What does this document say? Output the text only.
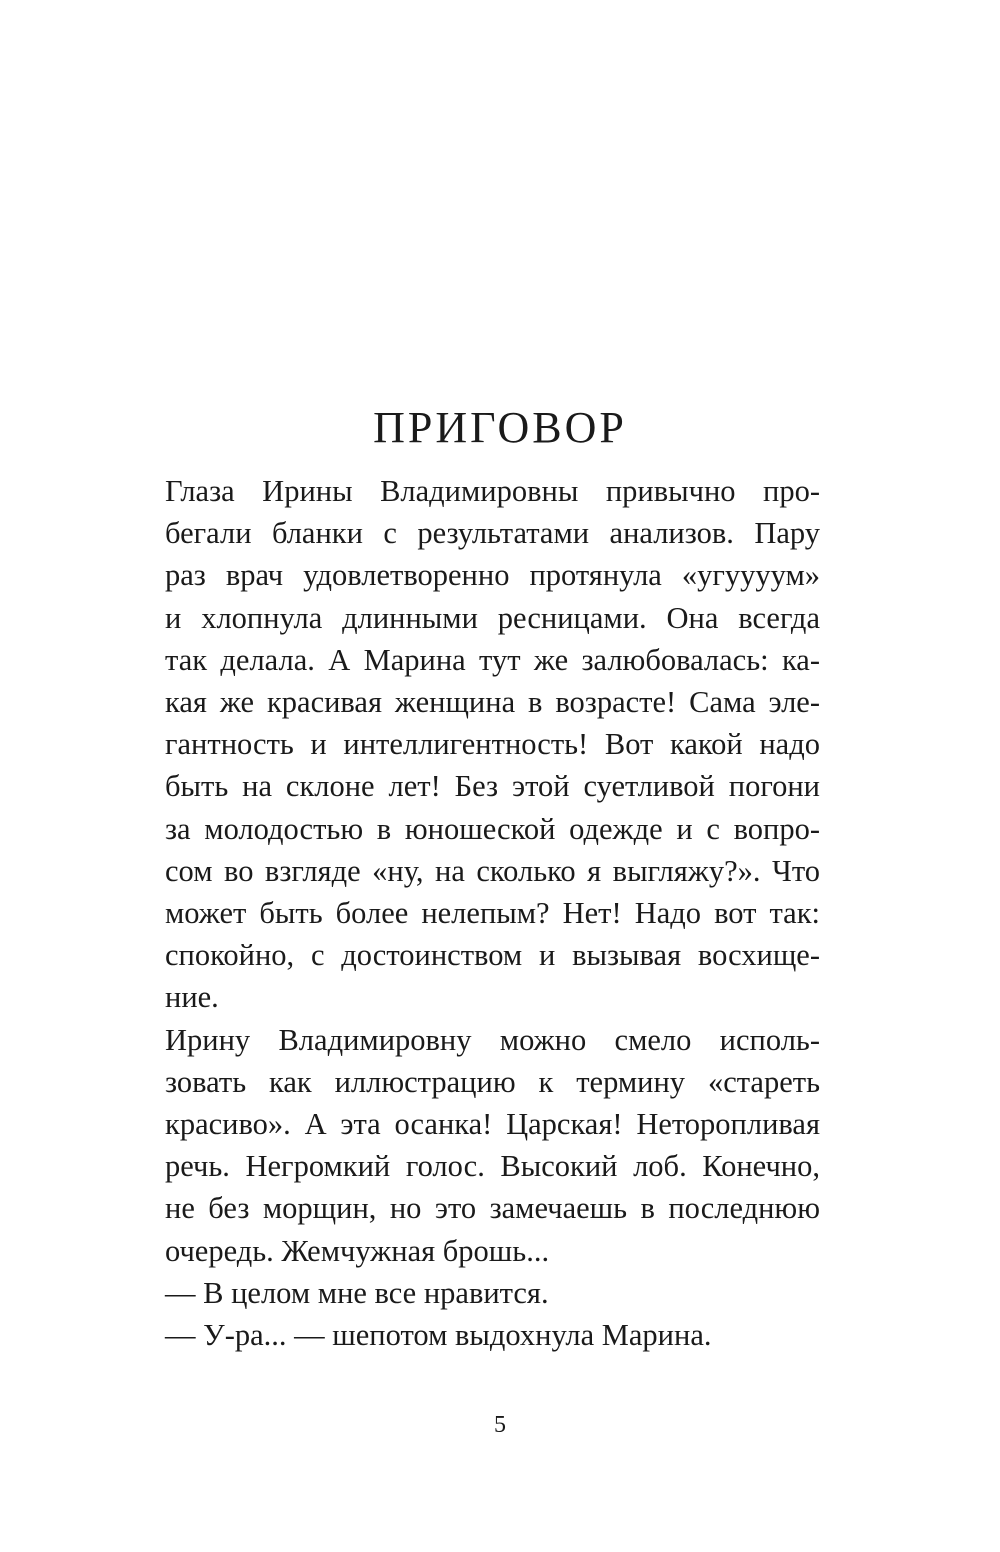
ПРИГОВОР

Глаза Ирины Владимировны привычно про-
бегали бланки с результатами анализов. Пару
раз врач удовлетворенно протянула «угуууум»
и хлопнула длинными ресницами. Она всегда
так делала. А Марина тут же залюбовалась: ка-
кая же красивая женщина в возрасте! Сама эле-
гантность и интеллигентность! Вот какой надо
быть на склоне лет! Без этой суетливой погони
за молодостью в юношеской одежде и с вопро-
сом во взгляде «ну, на сколько я выгляжу?». Что
может быть более нелепым? Нет! Надо вот так:
спокойно, с достоинством и вызывая восхище-
ние.

Ирину Владимировну можно смело исполь-
зовать как иллюстрацию к термину «стареть
красиво». А эта осанка! Царская! Неторопливая
речь. Негромкий голос. Высокий лоб. Конечно,
не без морщин, но это замечаешь в последнюю
очередь. Жемчужная брошь...

— В целом мне все нравится.

— У-ра... — шепотом выдохнула Марина.

5
